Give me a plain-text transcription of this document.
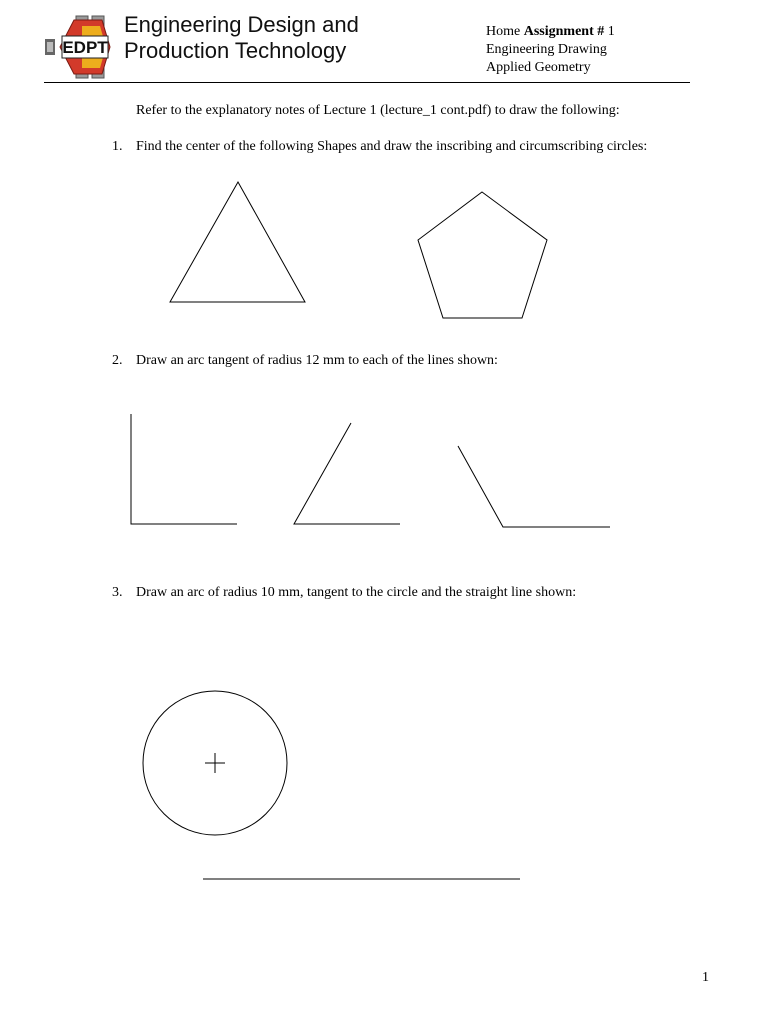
EDPT
Engineering Design and
Production Technology
Home Assignment # 1
Engineering Drawing
Applied Geometry
Refer to the explanatory notes of Lecture 1 (lecture_1 cont.pdf) to draw the following:
1. Find the center of the following Shapes and draw the inscribing and circumscribing circles:
2. Draw an arc tangent of radius 12 mm to each of the lines shown:
3. Draw an arc of radius 10 mm, tangent to the circle and the straight line shown:
1
